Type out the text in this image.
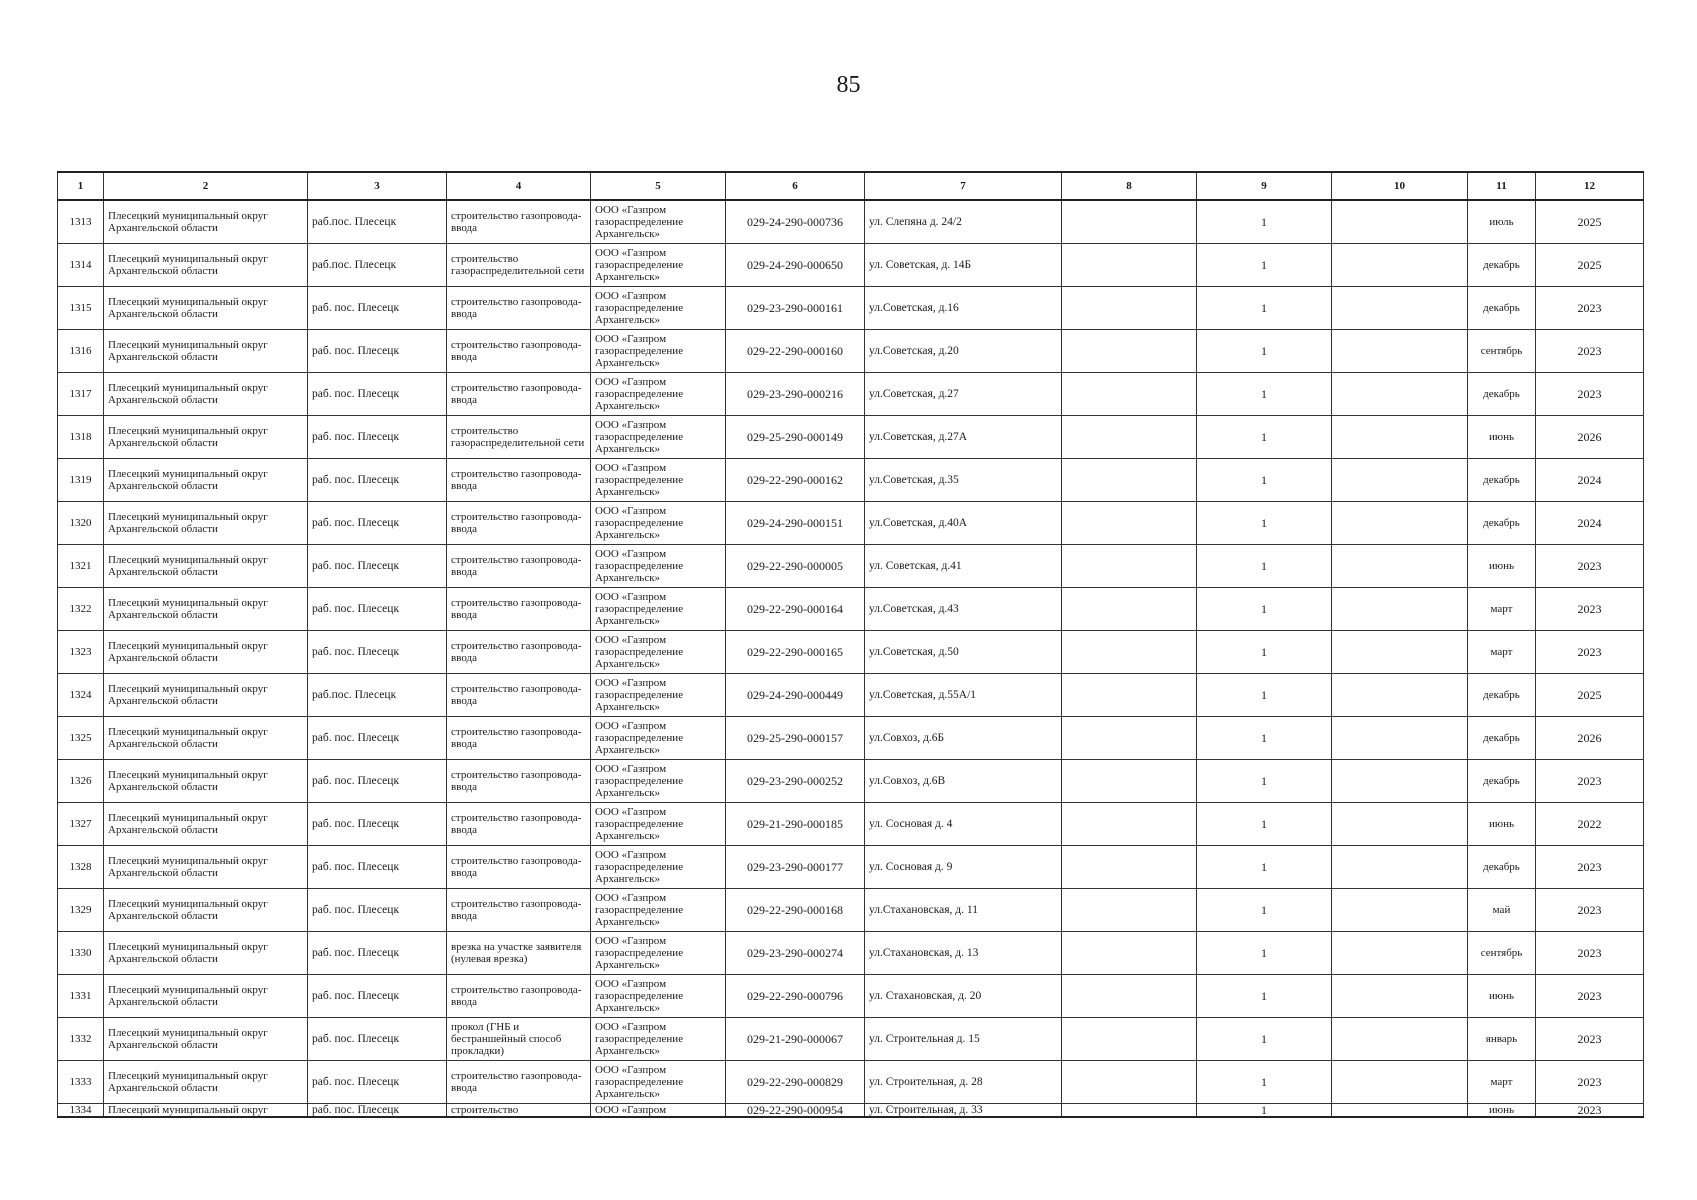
85
1	2	3	4	5	6	7	8	9	10	11	12
1313	Плесецкий муниципальный округ Архангельской области	раб.пос. Плесецк	строительство газопровода-ввода	ООО «Газпром газораспределение Архангельск»	029-24-290-000736	ул. Слепяна д. 24/2		1		июль	2025
1314	Плесецкий муниципальный округ Архангельской области	раб.пос. Плесецк	строительство газораспределительной сети	ООО «Газпром газораспределение Архангельск»	029-24-290-000650	ул. Советская, д. 14Б		1		декабрь	2025
1315	Плесецкий муниципальный округ Архангельской области	раб. пос. Плесецк	строительство газопровода-ввода	ООО «Газпром газораспределение Архангельск»	029-23-290-000161	ул.Советская, д.16		1		декабрь	2023
1316	Плесецкий муниципальный округ Архангельской области	раб. пос. Плесецк	строительство газопровода-ввода	ООО «Газпром газораспределение Архангельск»	029-22-290-000160	ул.Советская, д.20		1		сентябрь	2023
1317	Плесецкий муниципальный округ Архангельской области	раб. пос. Плесецк	строительство газопровода-ввода	ООО «Газпром газораспределение Архангельск»	029-23-290-000216	ул.Советская, д.27		1		декабрь	2023
1318	Плесецкий муниципальный округ Архангельской области	раб. пос. Плесецк	строительство газораспределительной сети	ООО «Газпром газораспределение Архангельск»	029-25-290-000149	ул.Советская, д.27А		1		июнь	2026
1319	Плесецкий муниципальный округ Архангельской области	раб. пос. Плесецк	строительство газопровода-ввода	ООО «Газпром газораспределение Архангельск»	029-22-290-000162	ул.Советская, д.35		1		декабрь	2024
1320	Плесецкий муниципальный округ Архангельской области	раб. пос. Плесецк	строительство газопровода-ввода	ООО «Газпром газораспределение Архангельск»	029-24-290-000151	ул.Советская, д.40А		1		декабрь	2024
1321	Плесецкий муниципальный округ Архангельской области	раб. пос. Плесецк	строительство газопровода-ввода	ООО «Газпром газораспределение Архангельск»	029-22-290-000005	ул. Советская, д.41		1		июнь	2023
1322	Плесецкий муниципальный округ Архангельской области	раб. пос. Плесецк	строительство газопровода-ввода	ООО «Газпром газораспределение Архангельск»	029-22-290-000164	ул.Советская, д.43		1		март	2023
1323	Плесецкий муниципальный округ Архангельской области	раб. пос. Плесецк	строительство газопровода-ввода	ООО «Газпром газораспределение Архангельск»	029-22-290-000165	ул.Советская, д.50		1		март	2023
1324	Плесецкий муниципальный округ Архангельской области	раб.пос. Плесецк	строительство газопровода-ввода	ООО «Газпром газораспределение Архангельск»	029-24-290-000449	ул.Советская, д.55А/1		1		декабрь	2025
1325	Плесецкий муниципальный округ Архангельской области	раб. пос. Плесецк	строительство газопровода-ввода	ООО «Газпром газораспределение Архангельск»	029-25-290-000157	ул.Совхоз, д.6Б		1		декабрь	2026
1326	Плесецкий муниципальный округ Архангельской области	раб. пос. Плесецк	строительство газопровода-ввода	ООО «Газпром газораспределение Архангельск»	029-23-290-000252	ул.Совхоз, д.6В		1		декабрь	2023
1327	Плесецкий муниципальный округ Архангельской области	раб. пос. Плесецк	строительство газопровода-ввода	ООО «Газпром газораспределение Архангельск»	029-21-290-000185	ул. Сосновая д. 4		1		июнь	2022
1328	Плесецкий муниципальный округ Архангельской области	раб. пос. Плесецк	строительство газопровода-ввода	ООО «Газпром газораспределение Архангельск»	029-23-290-000177	ул. Сосновая д. 9		1		декабрь	2023
1329	Плесецкий муниципальный округ Архангельской области	раб. пос. Плесецк	строительство газопровода-ввода	ООО «Газпром газораспределение Архангельск»	029-22-290-000168	ул.Стахановская, д. 11		1		май	2023
1330	Плесецкий муниципальный округ Архангельской области	раб. пос. Плесецк	врезка на участке заявителя (нулевая врезка)	ООО «Газпром газораспределение Архангельск»	029-23-290-000274	ул.Стахановская, д. 13		1		сентябрь	2023
1331	Плесецкий муниципальный округ Архангельской области	раб. пос. Плесецк	строительство газопровода-ввода	ООО «Газпром газораспределение Архангельск»	029-22-290-000796	ул. Стахановская, д. 20		1		июнь	2023
1332	Плесецкий муниципальный округ Архангельской области	раб. пос. Плесецк	прокол (ГНБ и бестраншейный способ прокладки)	ООО «Газпром газораспределение Архангельск»	029-21-290-000067	ул. Строительная д. 15		1		январь	2023
1333	Плесецкий муниципальный округ Архангельской области	раб. пос. Плесецк	строительство газопровода-ввода	ООО «Газпром газораспределение Архангельск»	029-22-290-000829	ул. Строительная, д. 28		1		март	2023
1334	Плесецкий муниципальный округ	раб. пос. Плесецк	строительство	ООО «Газпром	029-22-290-000954	ул. Строительная, д. 33		1		июнь	2023
